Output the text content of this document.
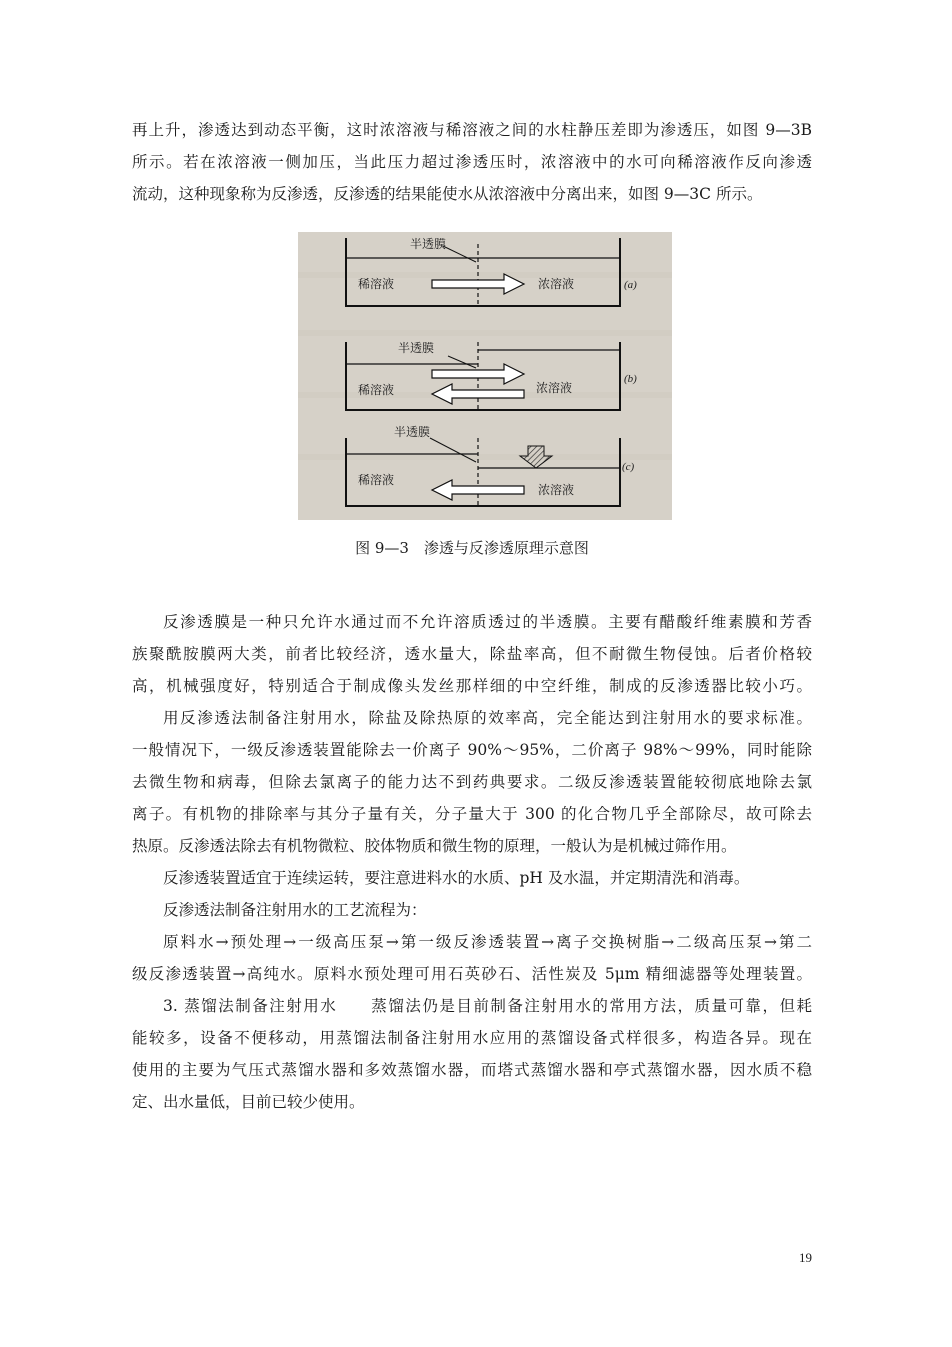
再上升，渗透达到动态平衡，这时浓溶液与稀溶液之间的水柱静压差即为渗透压，如图 9—3B
所示。若在浓溶液一侧加压，当此压力超过渗透压时，浓溶液中的水可向稀溶液作反向渗透
流动，这种现象称为反渗透，反渗透的结果能使水从浓溶液中分离出来，如图 9—3C 所示。
半透膜
稀溶液	浓溶液	(a)
半透膜
稀溶液	浓溶液
(b)
半透膜
稀溶液
浓溶液
(c)
图 9—3　渗透与反渗透原理示意图
反渗透膜是一种只允许水通过而不允许溶质透过的半透膜。主要有醋酸纤维素膜和芳香
族聚酰胺膜两大类，前者比较经济，透水量大，除盐率高，但不耐微生物侵蚀。后者价格较
高，机械强度好，特别适合于制成像头发丝那样细的中空纤维，制成的反渗透器比较小巧。
用反渗透法制备注射用水，除盐及除热原的效率高，完全能达到注射用水的要求标准。
一般情况下，一级反渗透装置能除去一价离子 90%～95%，二价离子 98%～99%，同时能除
去微生物和病毒，但除去氯离子的能力达不到药典要求。二级反渗透装置能较彻底地除去氯
离子。有机物的排除率与其分子量有关，分子量大于 300 的化合物几乎全部除尽，故可除去
热原。反渗透法除去有机物微粒、胶体物质和微生物的原理，一般认为是机械过筛作用。
反渗透装置适宜于连续运转，要注意进料水的水质、pH 及水温，并定期清洗和消毒。
反渗透法制备注射用水的工艺流程为：
原料水→预处理→一级高压泵→第一级反渗透装置→离子交换树脂→二级高压泵→第二
级反渗透装置→高纯水。原料水预处理可用石英砂石、活性炭及 5μm 精细滤器等处理装置。
3. 蒸馏法制备注射用水　　蒸馏法仍是目前制备注射用水的常用方法，质量可靠，但耗
能较多，设备不便移动，用蒸馏法制备注射用水应用的蒸馏设备式样很多，构造各异。现在
使用的主要为气压式蒸馏水器和多效蒸馏水器，而塔式蒸馏水器和亭式蒸馏水器，因水质不稳
定、出水量低，目前已较少使用。
19
